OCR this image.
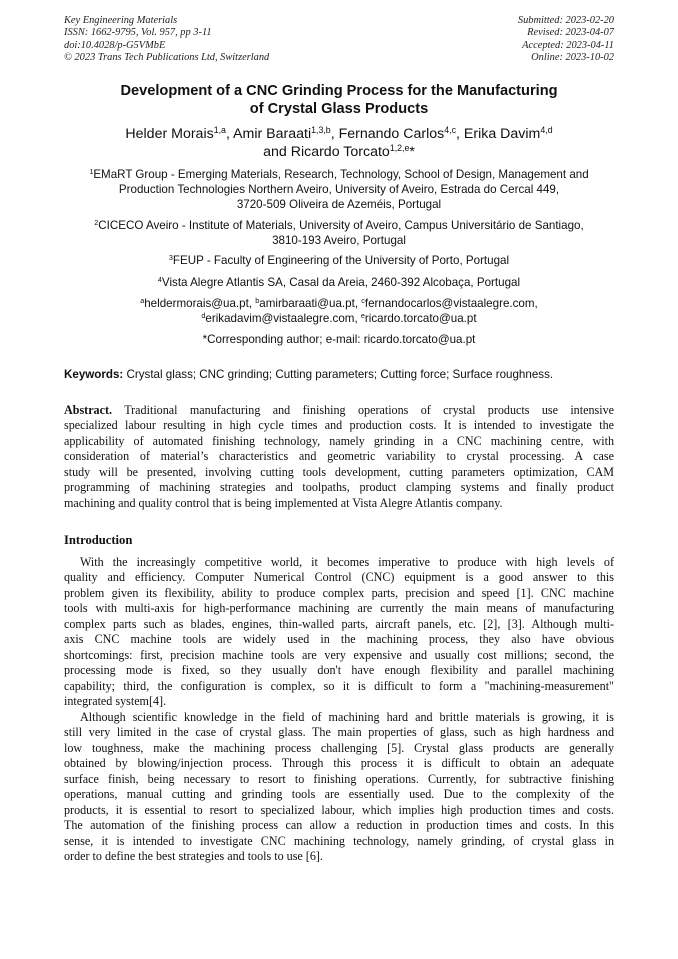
Key Engineering Materials
ISSN: 1662-9795, Vol. 957, pp 3-11
doi:10.4028/p-G5VMbE
© 2023 Trans Tech Publications Ltd, Switzerland
Submitted: 2023-02-20
Revised: 2023-04-07
Accepted: 2023-04-11
Online: 2023-10-02
Development of a CNC Grinding Process for the Manufacturing
of Crystal Glass Products
Helder Morais$^{1,a}$, Amir Baraati$^{1,3,b}$, Fernando Carlos$^{4,c}$, Erika Davim$^{4,d}$
and Ricardo Torcato$^{1,2,e}$*
$^1$EMaRT Group - Emerging Materials, Research, Technology, School of Design, Management and
Production Technologies Northern Aveiro, University of Aveiro, Estrada do Cercal 449,
3720-509 Oliveira de Azeméis, Portugal
$^2$CICECO Aveiro - Institute of Materials, University of Aveiro, Campus Universitário de Santiago,
3810-193 Aveiro, Portugal
$^3$FEUP - Faculty of Engineering of the University of Porto, Portugal
$^4$Vista Alegre Atlantis SA, Casal da Areia, 2460-392 Alcobaça, Portugal
$^a$heldermorais@ua.pt, $^b$amirbaraati@ua.pt, $^c$fernandocarlos@vistaalegre.com,
$^d$erikadavim@vistaalegre.com, $^e$ricardo.torcato@ua.pt
*Corresponding author; e-mail: ricardo.torcato@ua.pt
Keywords: Crystal glass; CNC grinding; Cutting parameters; Cutting force; Surface roughness.
Abstract. Traditional manufacturing and finishing operations of crystal products use intensive
specialized labour resulting in high cycle times and production costs. It is intended to investigate the
applicability of automated finishing technology, namely grinding in a CNC machining centre, with
consideration of material’s characteristics and geometric variability to crystal processing. A case
study will be presented, involving cutting tools development, cutting parameters optimization, CAM
programming of machining strategies and toolpaths, product clamping systems and finally product
machining and quality control that is being implemented at Vista Alegre Atlantis company.
Introduction
With the increasingly competitive world, it becomes imperative to produce with high levels of
quality and efficiency. Computer Numerical Control (CNC) equipment is a good answer to this
problem given its flexibility, ability to produce complex parts, precision and speed [1]. CNC machine
tools with multi-axis for high-performance machining are currently the main means of manufacturing
complex parts such as blades, engines, thin-walled parts, aircraft panels, etc. [2], [3]. Although multi-
axis CNC machine tools are widely used in the machining process, they also have obvious
shortcomings: first, precision machine tools are very expensive and usually cost millions; second, the
processing mode is fixed, so they usually don't have enough flexibility and parallel machining
capability; third, the configuration is complex, so it is difficult to form a "machining-measurement"
integrated system[4].
Although scientific knowledge in the field of machining hard and brittle materials is growing, it is
still very limited in the case of crystal glass. The main properties of glass, such as high hardness and
low toughness, make the machining process challenging [5]. Crystal glass products are generally
obtained by blowing/injection process. Through this process it is difficult to obtain an adequate
surface finish, being necessary to resort to finishing operations. Currently, for subtractive finishing
operations, manual cutting and grinding tools are essentially used. Due to the complexity of the
products, it is essential to resort to specialized labour, which implies high production times and costs.
The automation of the finishing process can allow a reduction in production times and costs. In this
sense, it is intended to investigate CNC machining technology, namely grinding, of crystal glass in
order to define the best strategies and tools to use [6].
